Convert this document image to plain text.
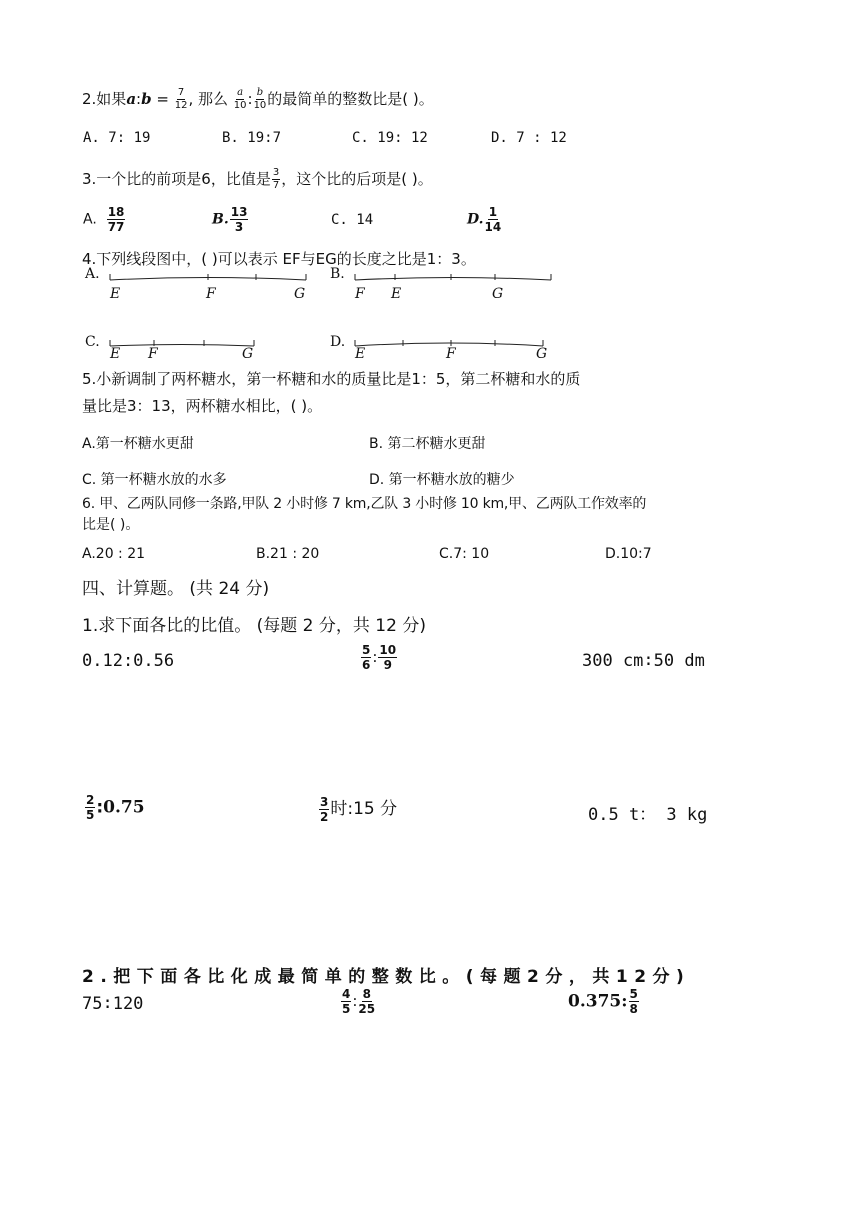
2.如果a:b = $\frac{7}{12}$ , 那么 $\frac{a}{10}$ : $\frac{b}{10}$ 的最简单的整数比是( )。
A. 7: 19	B. 19:7	C. 19: 12	D. 7 : 12
3.一个比的前项是6，比值是 $\frac{3}{7}$ ，这个比的后项是( )。
A. $\frac{18}{77}$	B. $\frac{13}{3}$	C. 14	D. $\frac{1}{14}$
4.下列线段图中，( )可以表示 EF与EG的长度之比是1：3。
A.
E	F	G
B.
F E	G
C.
E F	G
D.
E	F	G
5.小新调制了两杯糖水，第一杯糖和水的质量比是1：5，第二杯糖和水的质
量比是3：13，两杯糖水相比，( )。
A.第一杯糖水更甜	B. 第二杯糖水更甜
C. 第一杯糖水放的水多	D. 第一杯糖水放的糖少
6. 甲、乙两队同修一条路,甲队 2 小时修 7 km,乙队 3 小时修 10 km,甲、乙两队工作效率的
比是( )。
A.20 : 21	B.21 : 20	C.7: 10	D.10:7
四、计算题。 (共 24 分)
1.求下面各比的比值。 (每题 2 分，共 12 分)
0.12:0.56	$\frac{5}{6}$ : $\frac{10}{9}$	300 cm∶50 dm
$\frac{2}{5}$ :0.75	$\frac{3}{2}$ 时:15 分	0.5 t： 3 kg
2.把下面各比化成最简单的整数比。(每题2分，共12分)
75∶120	$\frac{4}{5}$ : $\frac{8}{25}$	0.375: $\frac{5}{8}$
